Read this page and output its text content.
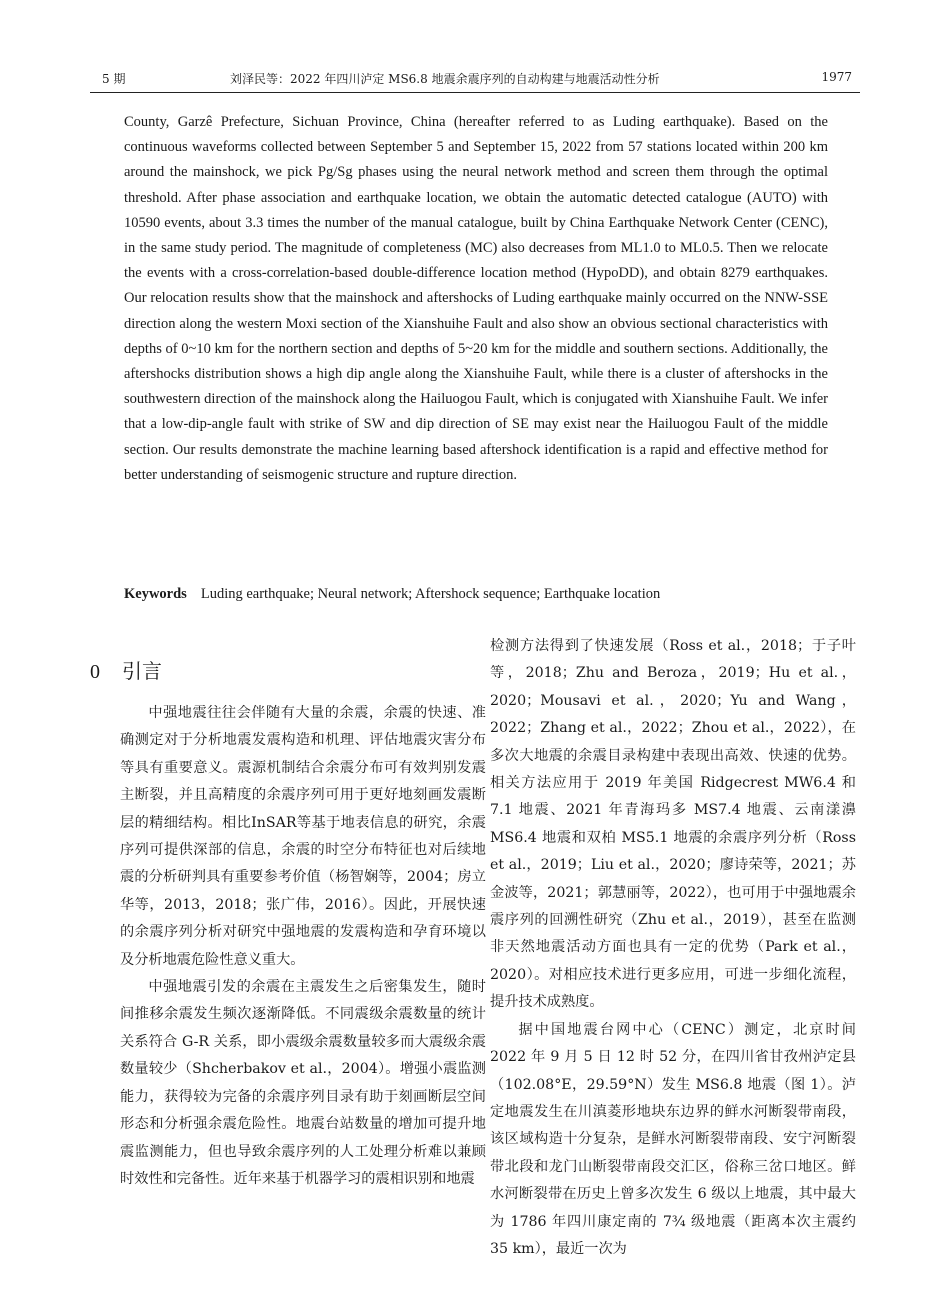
5 期	刘泽民等：2022 年四川泸定 MS6.8 地震余震序列的自动构建与地震活动性分析	1977

County, Garzê Prefecture, Sichuan Province, China (hereafter referred to as Luding earthquake). Based on the continuous waveforms collected between September 5 and September 15, 2022 from 57 stations located within 200 km around the mainshock, we pick Pg/Sg phases using the neural network method and screen them through the optimal threshold. After phase association and earthquake location, we obtain the automatic detected catalogue (AUTO) with 10590 events, about 3.3 times the number of the manual catalogue, built by China Earthquake Network Center (CENC), in the same study period. The magnitude of completeness (MC) also decreases from ML1.0 to ML0.5. Then we relocate the events with a cross-correlation-based double-difference location method (HypoDD), and obtain 8279 earthquakes. Our relocation results show that the mainshock and aftershocks of Luding earthquake mainly occurred on the NNW-SSE direction along the western Moxi section of the Xianshuihe Fault and also show an obvious sectional characteristics with depths of 0~10 km for the northern section and depths of 5~20 km for the middle and southern sections. Additionally, the aftershocks distribution shows a high dip angle along the Xianshuihe Fault, while there is a cluster of aftershocks in the southwestern direction of the mainshock along the Hailuogou Fault, which is conjugated with Xianshuihe Fault. We infer that a low-dip-angle fault with strike of SW and dip direction of SE may exist near the Hailuogou Fault of the middle section. Our results demonstrate the machine learning based aftershock identification is a rapid and effective method for better understanding of seismogenic structure and rupture direction.

Keywords Luding earthquake; Neural network; Aftershock sequence; Earthquake location
0 引言

中强地震往往会伴随有大量的余震，余震的快速、准确测定对于分析地震发震构造和机理、评估地震灾害分布等具有重要意义。震源机制结合余震分布可有效判别发震主断裂，并且高精度的余震序列可用于更好地刻画发震断层的精细结构。相比InSAR等基于地表信息的研究，余震序列可提供深部的信息，余震的时空分布特征也对后续地震的分析研判具有重要参考价值（杨智娴等，2004；房立华等，2013，2018；张广伟，2016）。因此，开展快速的余震序列分析对研究中强地震的发震构造和孕育环境以及分析地震危险性意义重大。

中强地震引发的余震在主震发生之后密集发生，随时间推移余震发生频次逐渐降低。不同震级余震数量的统计关系符合 G-R 关系，即小震级余震数量较多而大震级余震数量较少（Shcherbakov et al.，2004）。增强小震监测能力，获得较为完备的余震序列目录有助于刻画断层空间形态和分析强余震危险性。地震台站数量的增加可提升地震监测能力，但也导致余震序列的人工处理分析难以兼顾时效性和完备性。近年来基于机器学习的震相识别和地震

检测方法得到了快速发展（Ross et al.，2018；于子叶等，2018；Zhu and Beroza，2019；Hu et al.，2020；Mousavi et al.，2020；Yu and Wang，2022；Zhang et al.，2022；Zhou et al.，2022），在多次大地震的余震目录构建中表现出高效、快速的优势。相关方法应用于 2019 年美国 Ridgecrest MW6.4 和 7.1 地震、2021 年青海玛多 MS7.4 地震、云南漾濞 MS6.4 地震和双柏 MS5.1 地震的余震序列分析（Ross et al.，2019；Liu et al.，2020；廖诗荣等，2021；苏金波等，2021；郭慧丽等，2022），也可用于中强地震余震序列的回溯性研究（Zhu et al.，2019），甚至在监测非天然地震活动方面也具有一定的优势（Park et al.，2020）。对相应技术进行更多应用，可进一步细化流程，提升技术成熟度。

据中国地震台网中心（CENC）测定，北京时间 2022 年 9 月 5 日 12 时 52 分，在四川省甘孜州泸定县（102.08°E，29.59°N）发生 MS6.8 地震（图 1）。泸定地震发生在川滇菱形地块东边界的鲜水河断裂带南段，该区域构造十分复杂，是鲜水河断裂带南段、安宁河断裂带北段和龙门山断裂带南段交汇区，俗称三岔口地区。鲜水河断裂带在历史上曾多次发生 6 级以上地震，其中最大为 1786 年四川康定南的 7¾ 级地震（距离本次主震约 35 km），最近一次为
